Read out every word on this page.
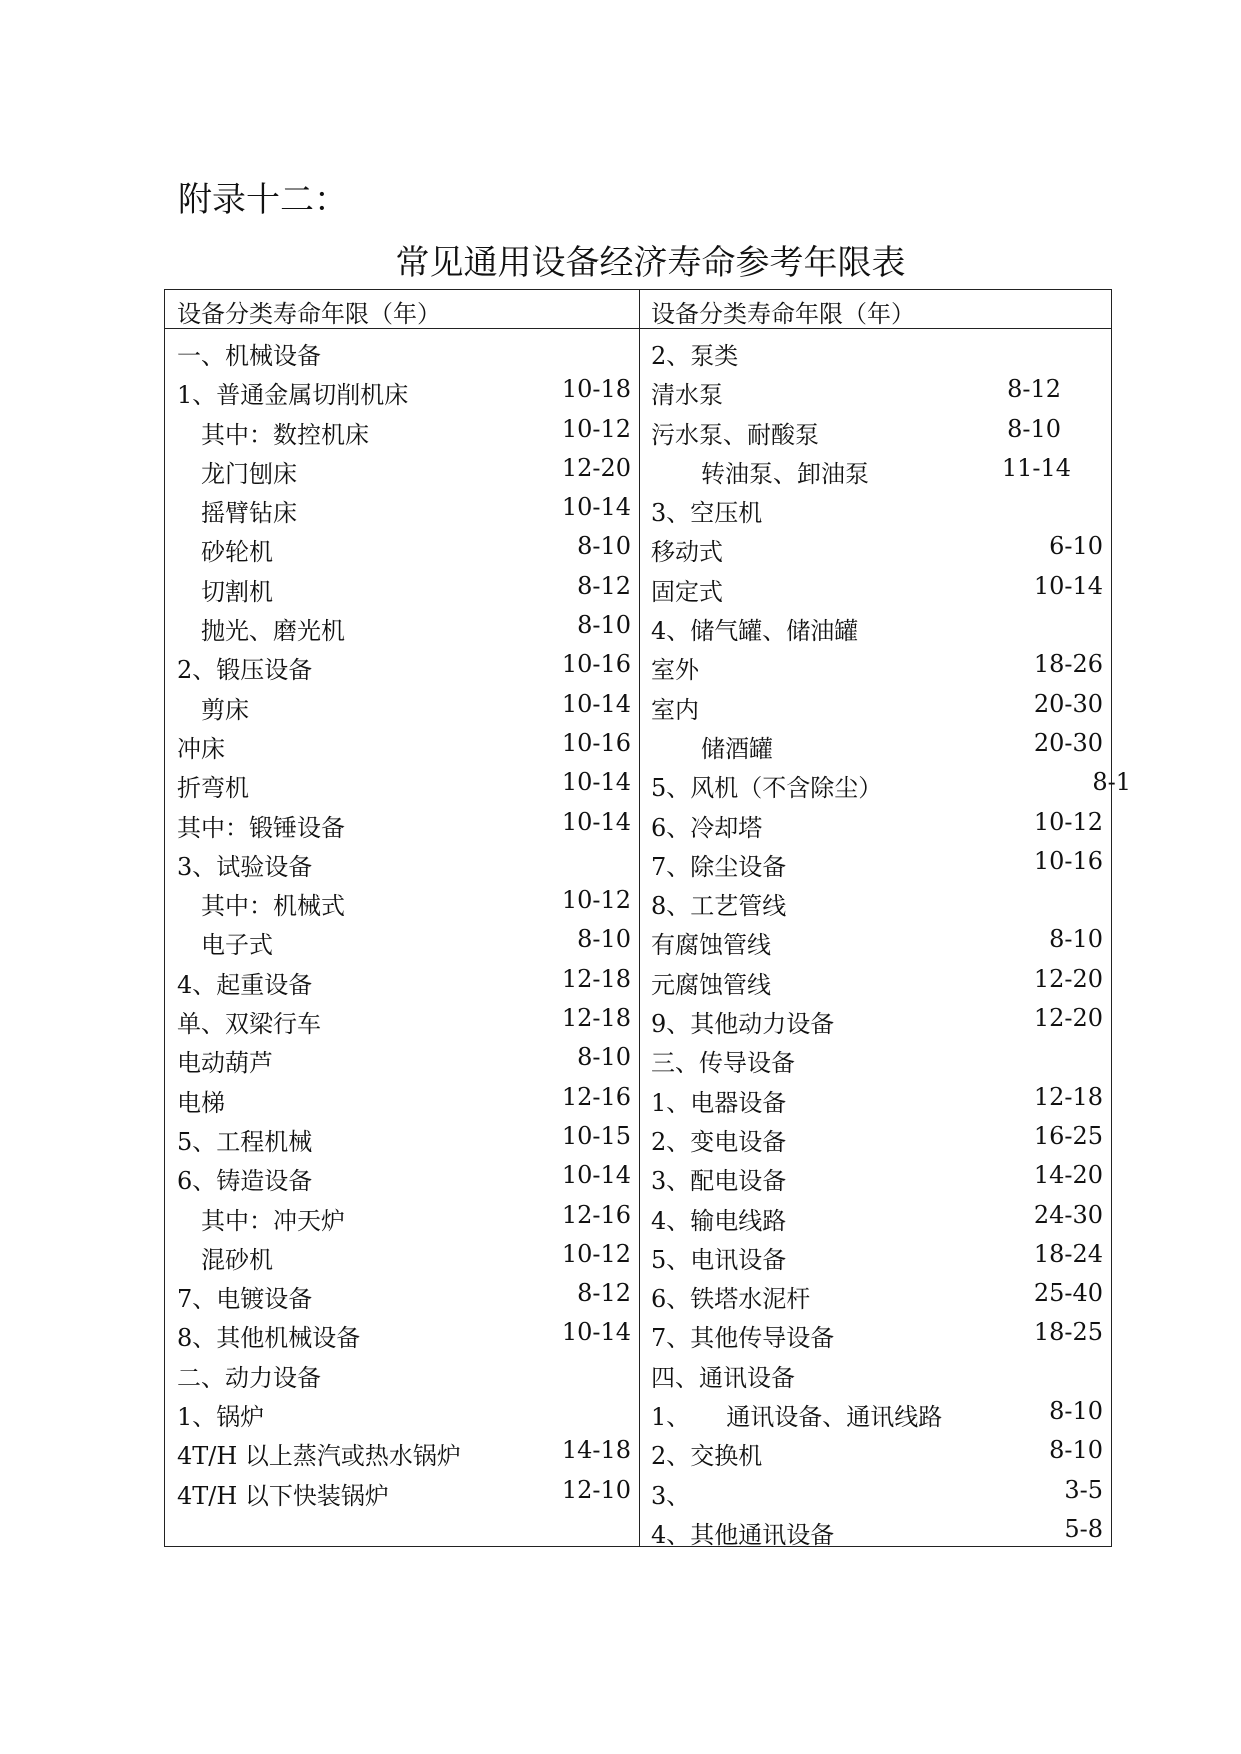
附录十二：
常见通用设备经济寿命参考年限表
设备分类寿命年限（年）	设备分类寿命年限（年）
一、机械设备
1、普通金属切削机床	10-18
其中：数控机床	10-12
龙门刨床	12-20
摇臂钻床	10-14
砂轮机	8-10
切割机	8-12
抛光、磨光机	8-10
2、锻压设备	10-16
剪床	10-14
冲床	10-16
折弯机	10-14
其中：锻锤设备	10-14
3、试验设备
其中：机械式	10-12
电子式	8-10
4、起重设备	12-18
单、双梁行车	12-18
电动葫芦	8-10
电梯	12-16
5、工程机械	10-15
6、铸造设备	10-14
其中：冲天炉	12-16
混砂机	10-12
7、电镀设备	8-12
8、其他机械设备	10-14
二、动力设备
1、锅炉
4T/H 以上蒸汽或热水锅炉	14-18
4T/H 以下快装锅炉	12-10
2、泵类
清水泵	8-12
污水泵、耐酸泵	8-10
转油泵、卸油泵	11-14
3、空压机
移动式	6-10
固定式	10-14
4、储气罐、储油罐
室外	18-26
室内	20-30
储酒罐	20-30
5、风机（不含除尘）	8-1
6、冷却塔	10-12
7、除尘设备	10-16
8、工艺管线
有腐蚀管线	8-10
元腐蚀管线	12-20
9、其他动力设备	12-20
三、传导设备
1、电器设备	12-18
2、变电设备	16-25
3、配电设备	14-20
4、输电线路	24-30
5、电讯设备	18-24
6、铁塔水泥杆	25-40
7、其他传导设备	18-25
四、通讯设备
1、　　通讯设备、通讯线路	8-10
2、交换机	8-10
3、	3-5
4、其他通讯设备	5-8
